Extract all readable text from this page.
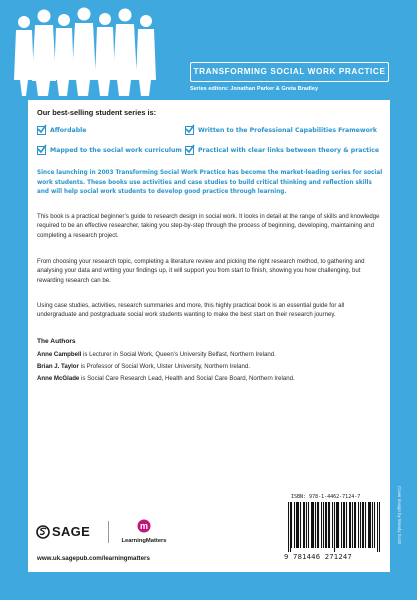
TRANSFORMING SOCIAL WORK PRACTICE
Series editors: Jonathan Parker & Greta Bradley
Our best-selling student series is:
Affordable	Written to the Professional Capabilities Framework
Mapped to the social work curriculum	Practical with clear links between theory & practice
Since launching in 2003 Transforming Social Work Practice has become the market-leading series for social work students. These books use activities and case studies to build critical thinking and reflection skills and will help social work students to develop good practice through learning.
This book is a practical beginner’s guide to research design in social work. It looks in detail at the range of skills and knowledge required to be an effective researcher, taking you step-by-step through the process of beginning, developing, maintaining and completing a research project.
From choosing your research topic, completing a literature review and picking the right research method, to gathering and analysing your data and writing your findings up, it will support you from start to finish, showing you how challenging, but rewarding research can be.
Using case studies, activities, research summaries and more, this highly practical book is an essential guide for all undergraduate and postgraduate social work students wanting to make the best start on their research journey.
The Authors
Anne Campbell is Lecturer in Social Work, Queen’s University Belfast, Northern Ireland.
Brian J. Taylor is Professor of Social Work, Ulster University, Northern Ireland.
Anne McGlade is Social Care Research Lead, Health and Social Care Board, Northern Ireland.
SAGE	m
LearningMatters
www.uk.sagepub.com/learningmatters
ISBN: 978-1-4462-7124-7
9 781446 271247
Cover design by Wendy Scott
